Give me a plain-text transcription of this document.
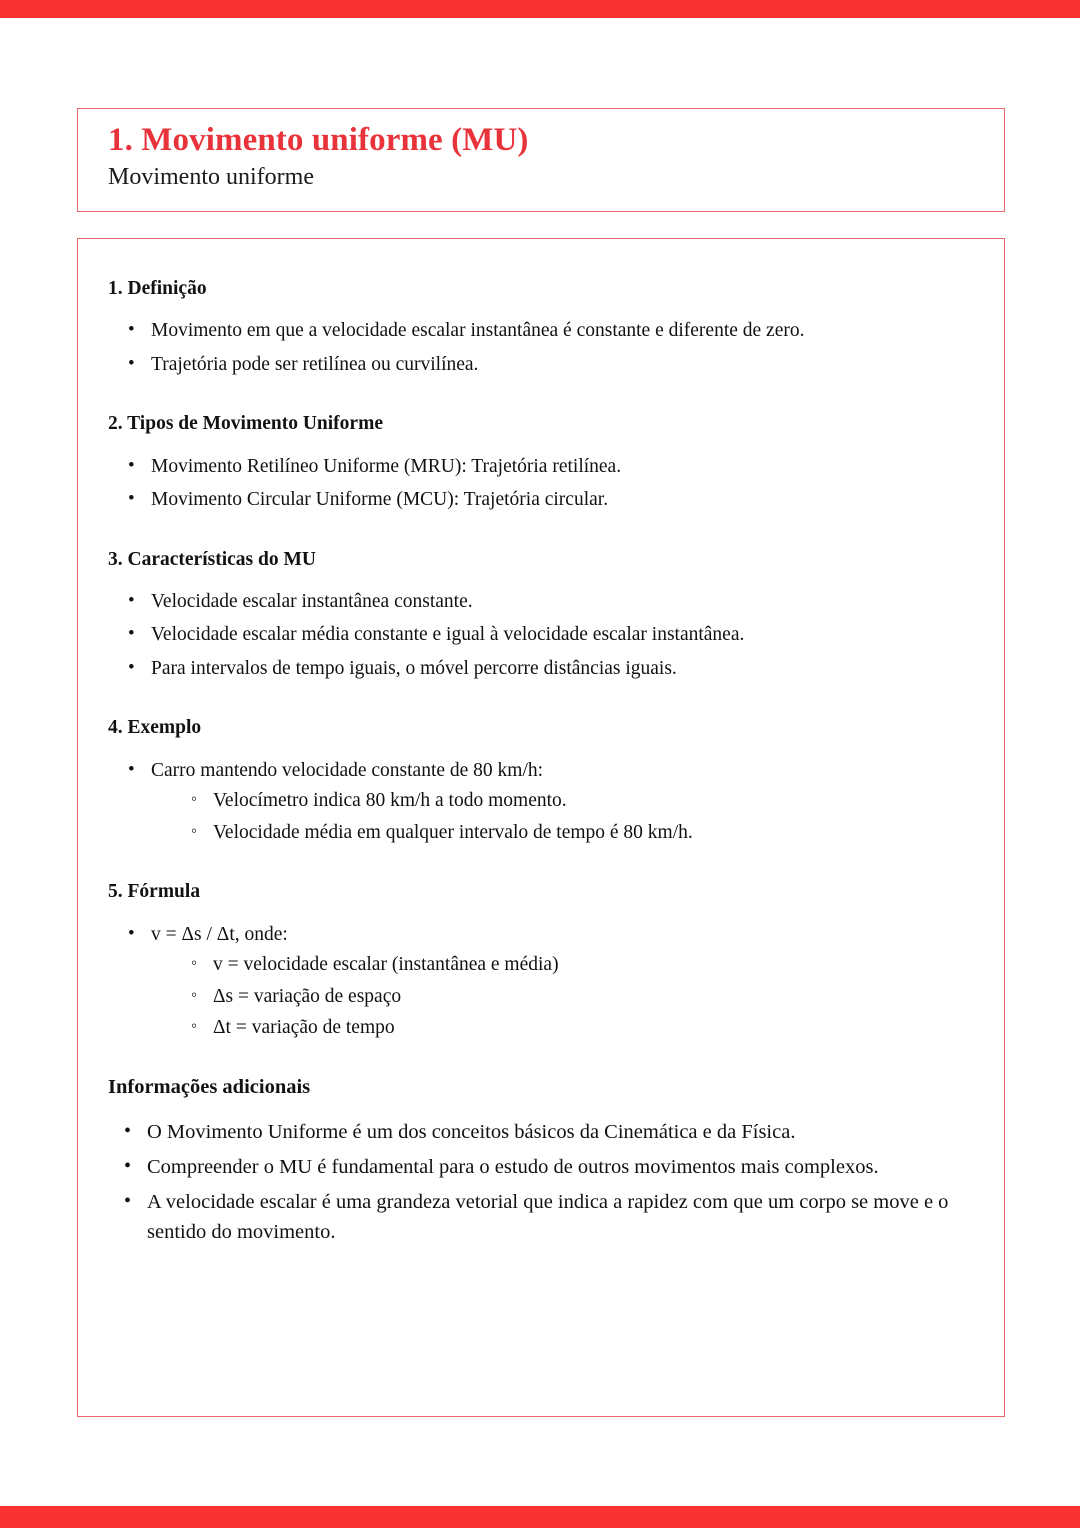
1. Movimento uniforme (MU)
Movimento uniforme
1. Definição
• Movimento em que a velocidade escalar instantânea é constante e diferente de zero.
• Trajetória pode ser retilínea ou curvilínea.
2. Tipos de Movimento Uniforme
• Movimento Retilíneo Uniforme (MRU): Trajetória retilínea.
• Movimento Circular Uniforme (MCU): Trajetória circular.
3. Características do MU
• Velocidade escalar instantânea constante.
• Velocidade escalar média constante e igual à velocidade escalar instantânea.
• Para intervalos de tempo iguais, o móvel percorre distâncias iguais.
4. Exemplo
• Carro mantendo velocidade constante de 80 km/h:
◦ Velocímetro indica 80 km/h a todo momento.
◦ Velocidade média em qualquer intervalo de tempo é 80 km/h.
5. Fórmula
• v = Δs / Δt, onde:
◦ v = velocidade escalar (instantânea e média)
◦ Δs = variação de espaço
◦ Δt = variação de tempo
Informações adicionais
• O Movimento Uniforme é um dos conceitos básicos da Cinemática e da Física.
• Compreender o MU é fundamental para o estudo de outros movimentos mais complexos.
• A velocidade escalar é uma grandeza vetorial que indica a rapidez com que um corpo se move e o sentido do movimento.
